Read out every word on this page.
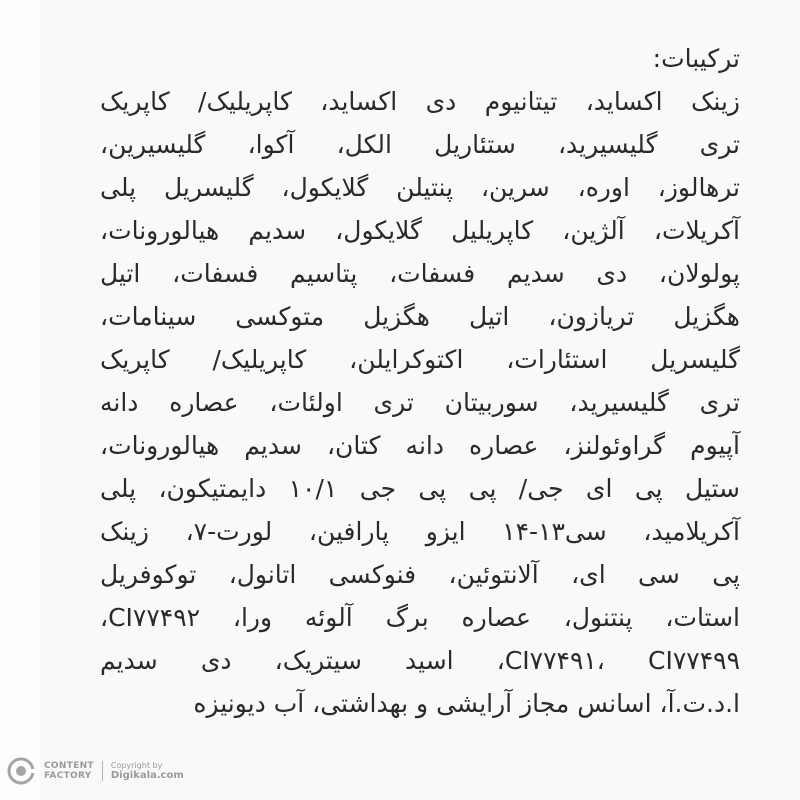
ترکیبات:
زینک اکساید، تیتانیوم دی اکساید، کاپریلیک/ کاپریک
تری گلیسیرید، ستئاریل الکل، آکوا، گلیسیرین،
ترهالوز، اوره، سرین، پنتیلن گلایکول، گلیسریل پلی
آکریلات، آلژین، کاپریلیل گلایکول، سدیم هیالورونات،
پولولان، دی سدیم فسفات، پتاسیم فسفات، اتیل
هگزیل تریازون، اتیل هگزیل متوکسی سینامات،
گلیسریل استئارات، اکتوکرایلن، کاپریلیک/ کاپریک
تری گلیسیرید، سوربیتان تری اولئات، عصاره دانه
آپیوم گراوئولنز، عصاره دانه کتان، سدیم هیالورونات،
ستیل پی ای جی/ پی پی جی ۱۰/۱ دایمتیکون، پلی
آکریلامید، سی۱۳-۱۴ ایزو پارافین، لورت-۷، زینک
پی سی ای، آلانتوئین، فنوکسی اتانول، توکوفریل
استات، پنتنول، عصاره برگ آلوئه ورا، CI۷۷۴۹۲،
CI۷۷۴۹۱، CI۷۷۴۹۹، اسید سیتریک، دی سدیم
ا.د.ت.آ، اسانس مجاز آرایشی و بهداشتی، آب دیونیزه
CONTENT
FACTORY
Copyright by
Digikala.com
